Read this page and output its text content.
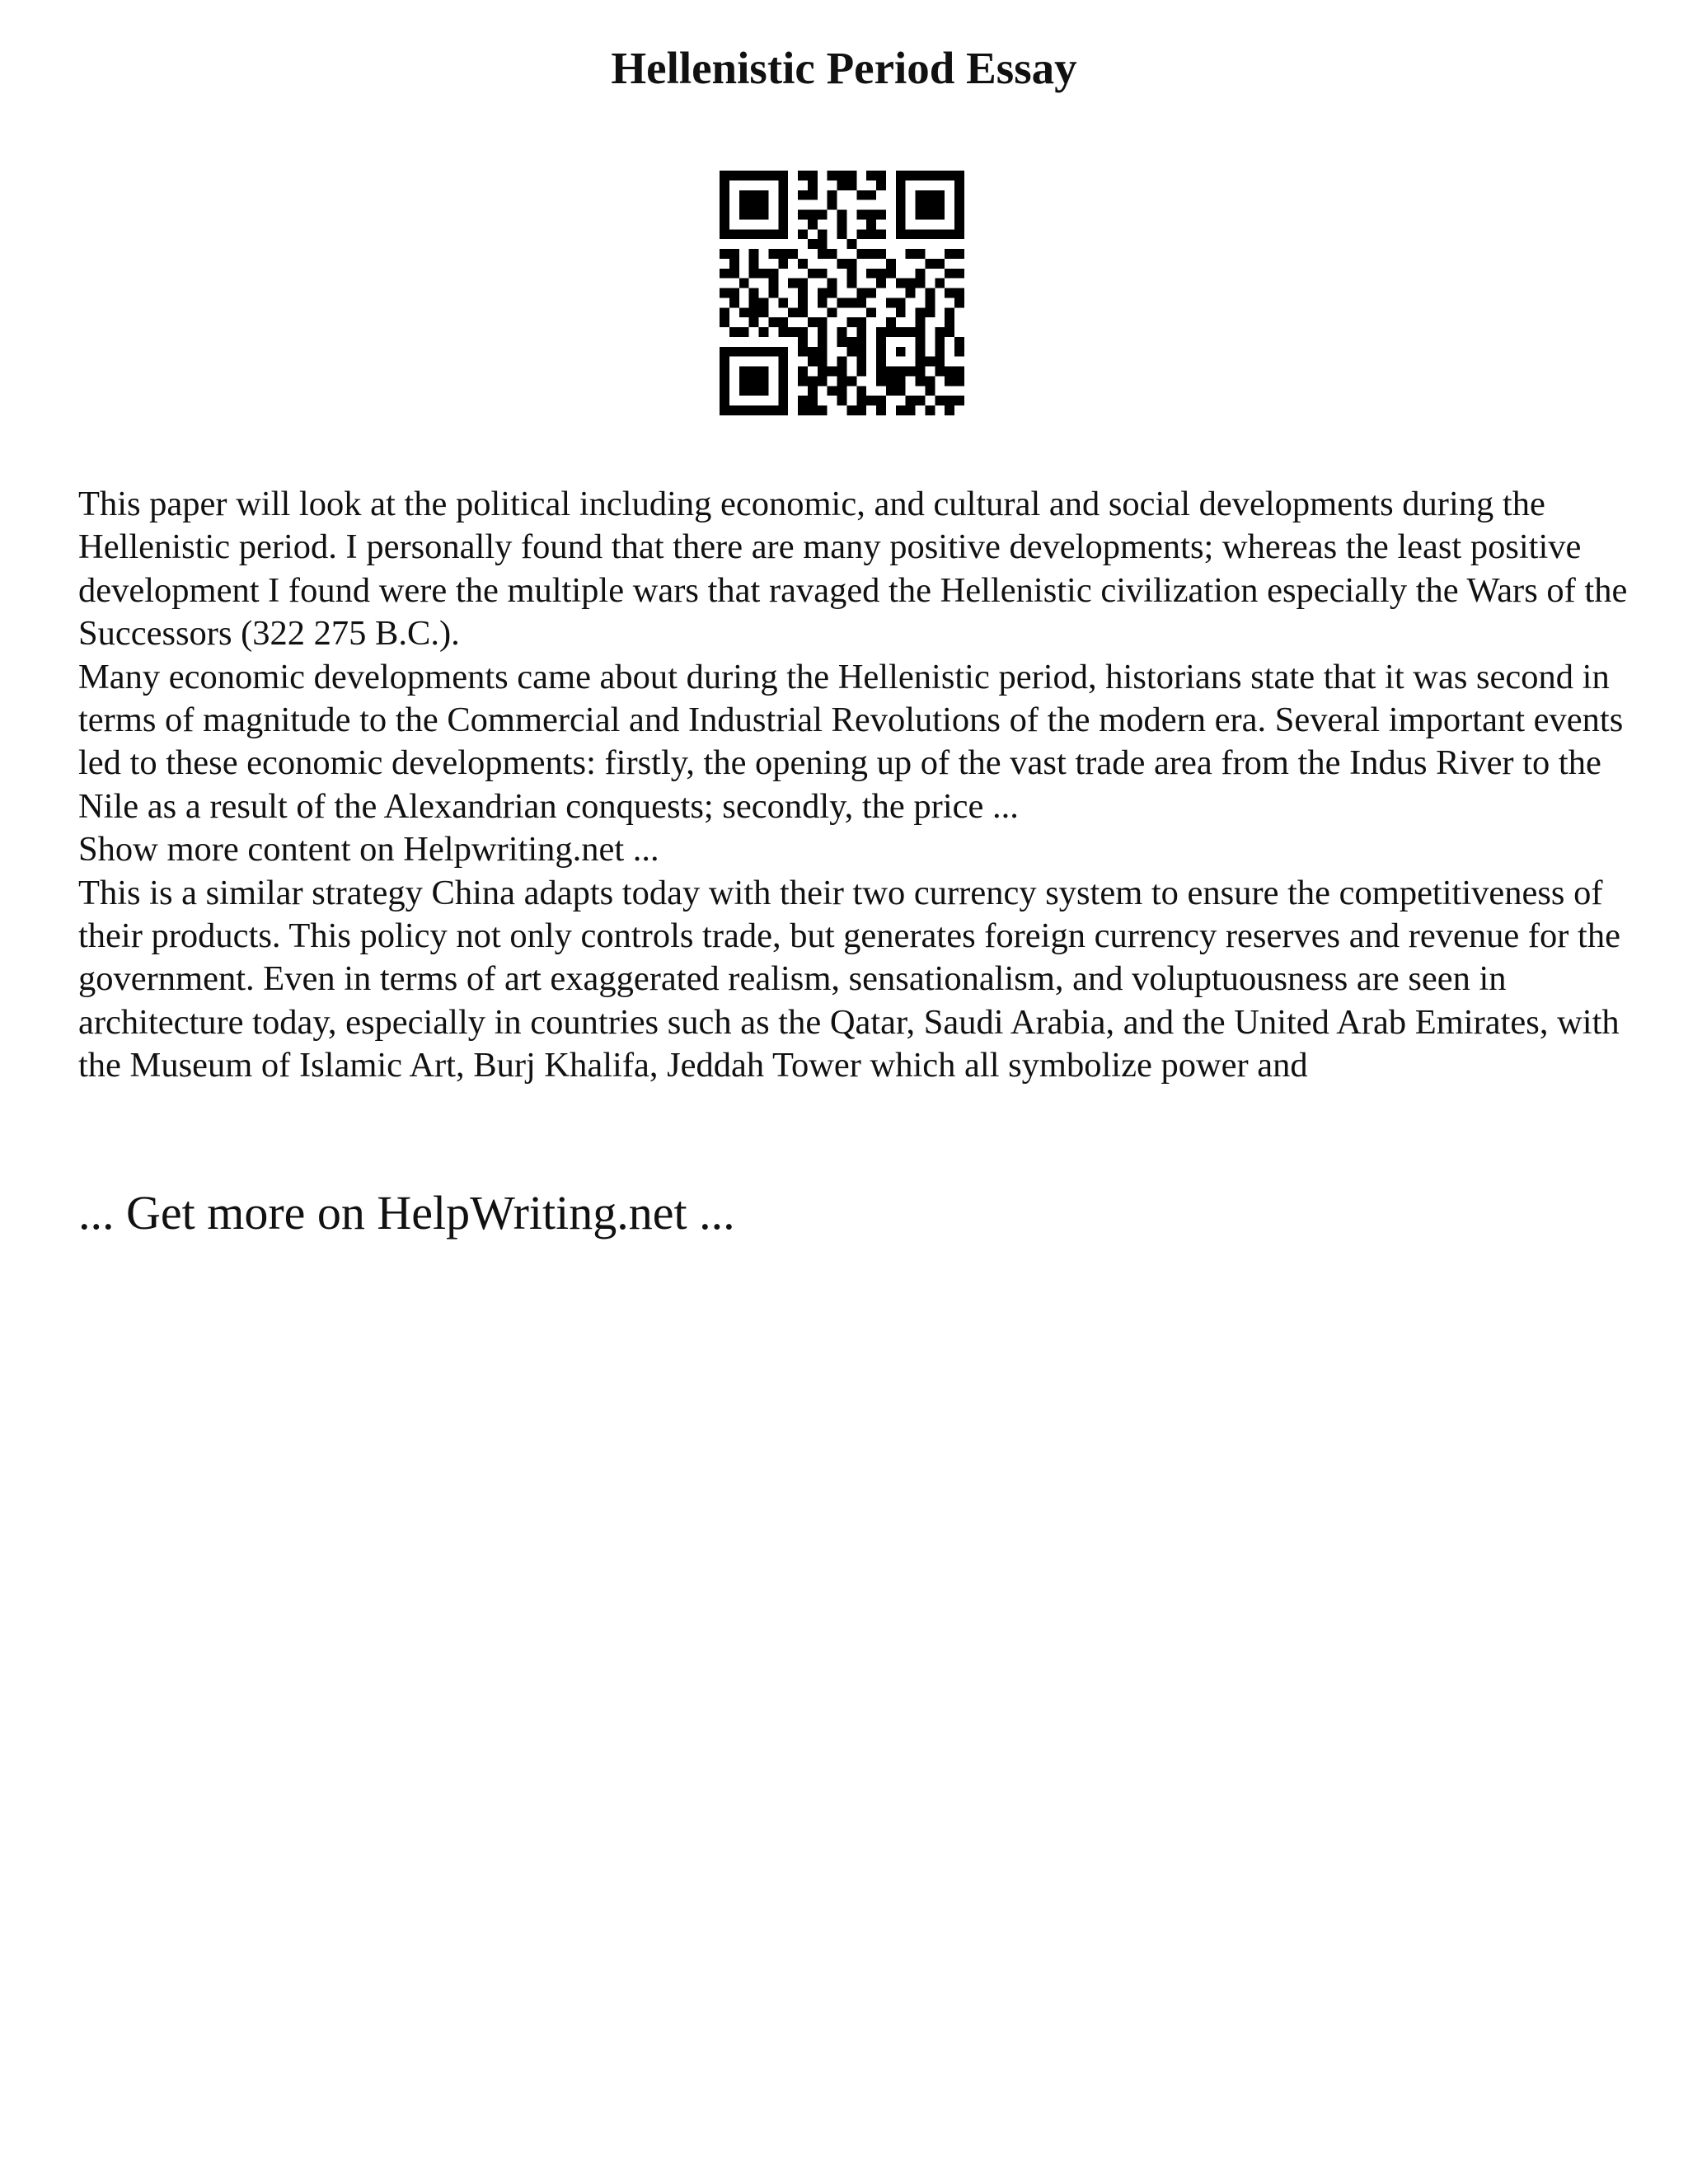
Hellenistic Period Essay

This paper will look at the political including economic, and cultural and social developments during the Hellenistic period. I personally found that there are many positive developments; whereas the least positive development I found were the multiple wars that ravaged the Hellenistic civilization especially the Wars of the Successors (322 275 B.C.).

Many economic developments came about during the Hellenistic period, historians state that it was second in terms of magnitude to the Commercial and Industrial Revolutions of the modern era. Several important events led to these economic developments: firstly, the opening up of the vast trade area from the Indus River to the Nile as a result of the Alexandrian conquests; secondly, the price ...

Show more content on Helpwriting.net ...

This is a similar strategy China adapts today with their two currency system to ensure the competitiveness of their products. This policy not only controls trade, but generates foreign currency reserves and revenue for the government. Even in terms of art exaggerated realism, sensationalism, and voluptuousness are seen in architecture today, especially in countries such as the Qatar, Saudi Arabia, and the United Arab Emirates, with the Museum of Islamic Art, Burj Khalifa, Jeddah Tower which all symbolize power and

... Get more on HelpWriting.net ...
